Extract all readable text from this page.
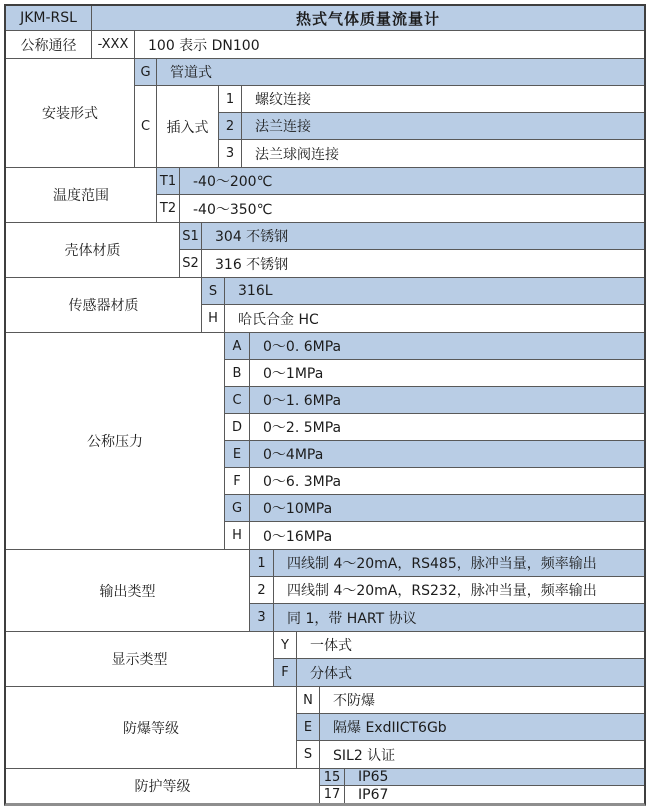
JKM-RSL	热式气体质量流量计
公称通径	-XXX	100 表示 DN100
安装形式
G	管道式
C	插入式
1	螺纹连接
2	法兰连接
3	法兰球阀连接
温度范围
T1	-40～200℃
T2	-40～350℃
壳体材质
S1	304 不锈钢
S2	316 不锈钢
传感器材质
S	316L
H	哈氏合金 HC
公称压力
A	0～0. 6MPa
B	0～1MPa
C	0～1. 6MPa
D	0～2. 5MPa
E	0～4MPa
F	0～6. 3MPa
G	0～10MPa
H	0～16MPa
输出类型
1	四线制 4～20mA，RS485，脉冲当量，频率输出
2	四线制 4～20mA，RS232，脉冲当量，频率输出
3	同 1，带 HART 协议
显示类型
Y	一体式
F	分体式
防爆等级
N	不防爆
E	隔爆 ExdIICT6Gb
S	SIL2 认证
防护等级
15	IP65
17	IP67
